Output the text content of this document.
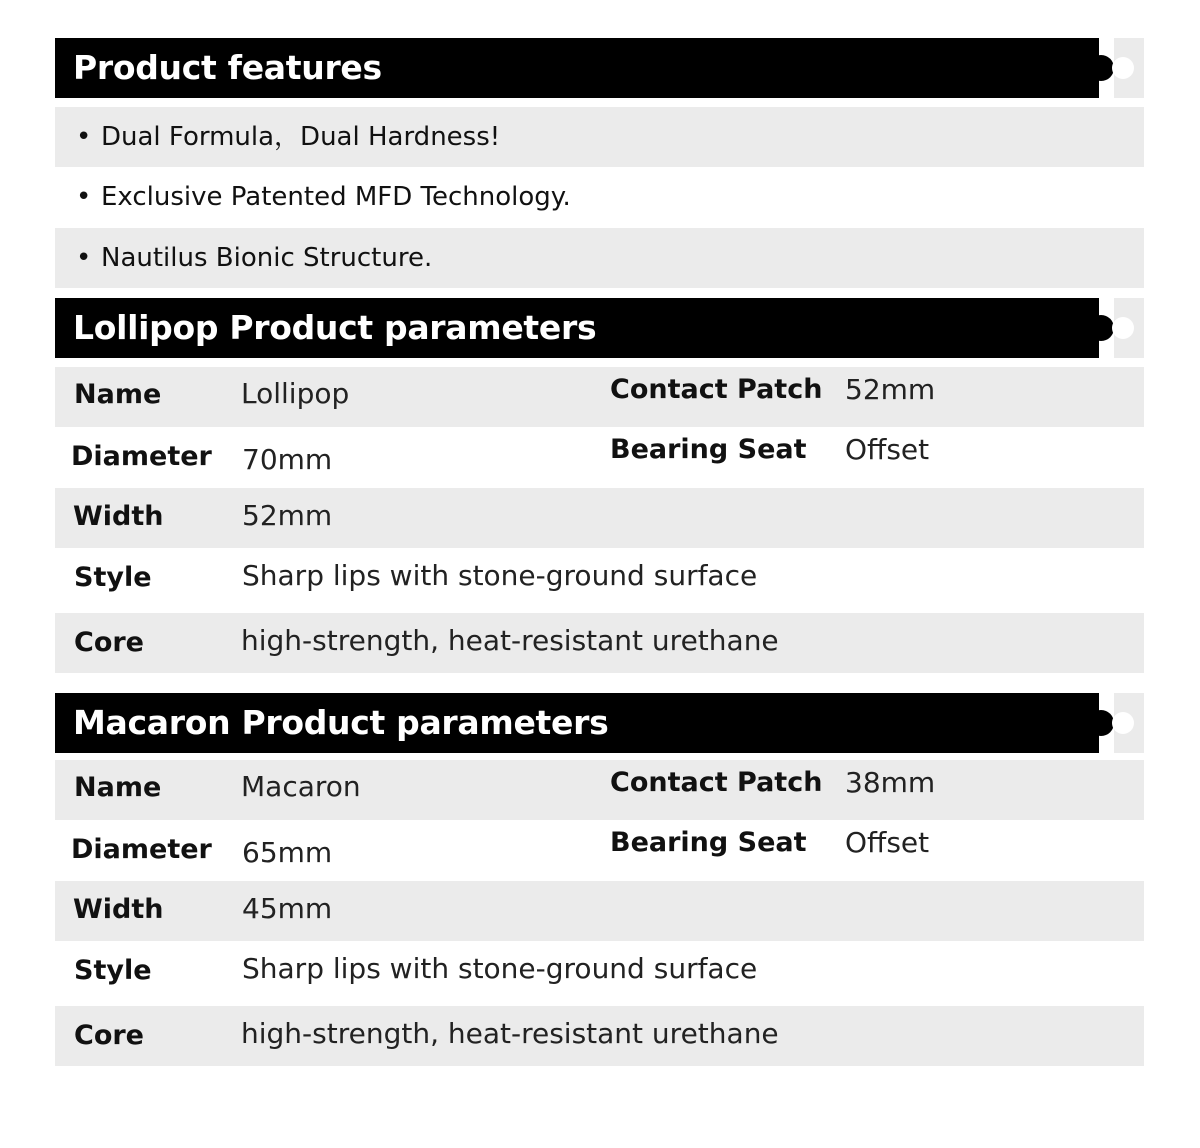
Product features
• Dual Formula，Dual Hardness!
• Exclusive Patented MFD Technology.
• Nautilus Bionic Structure.
Lollipop Product parameters
Name	Lollipop	Contact Patch 52mm
Diameter 70mm	Bearing Seat Offset
Width	52mm
Style	Sharp lips with stone-ground surface
Core	high-strength, heat-resistant urethane
Macaron Product parameters
Name	Macaron	Contact Patch 38mm
Diameter 65mm	Bearing Seat Offset
Width	45mm
Style	Sharp lips with stone-ground surface
Core	high-strength, heat-resistant urethane
